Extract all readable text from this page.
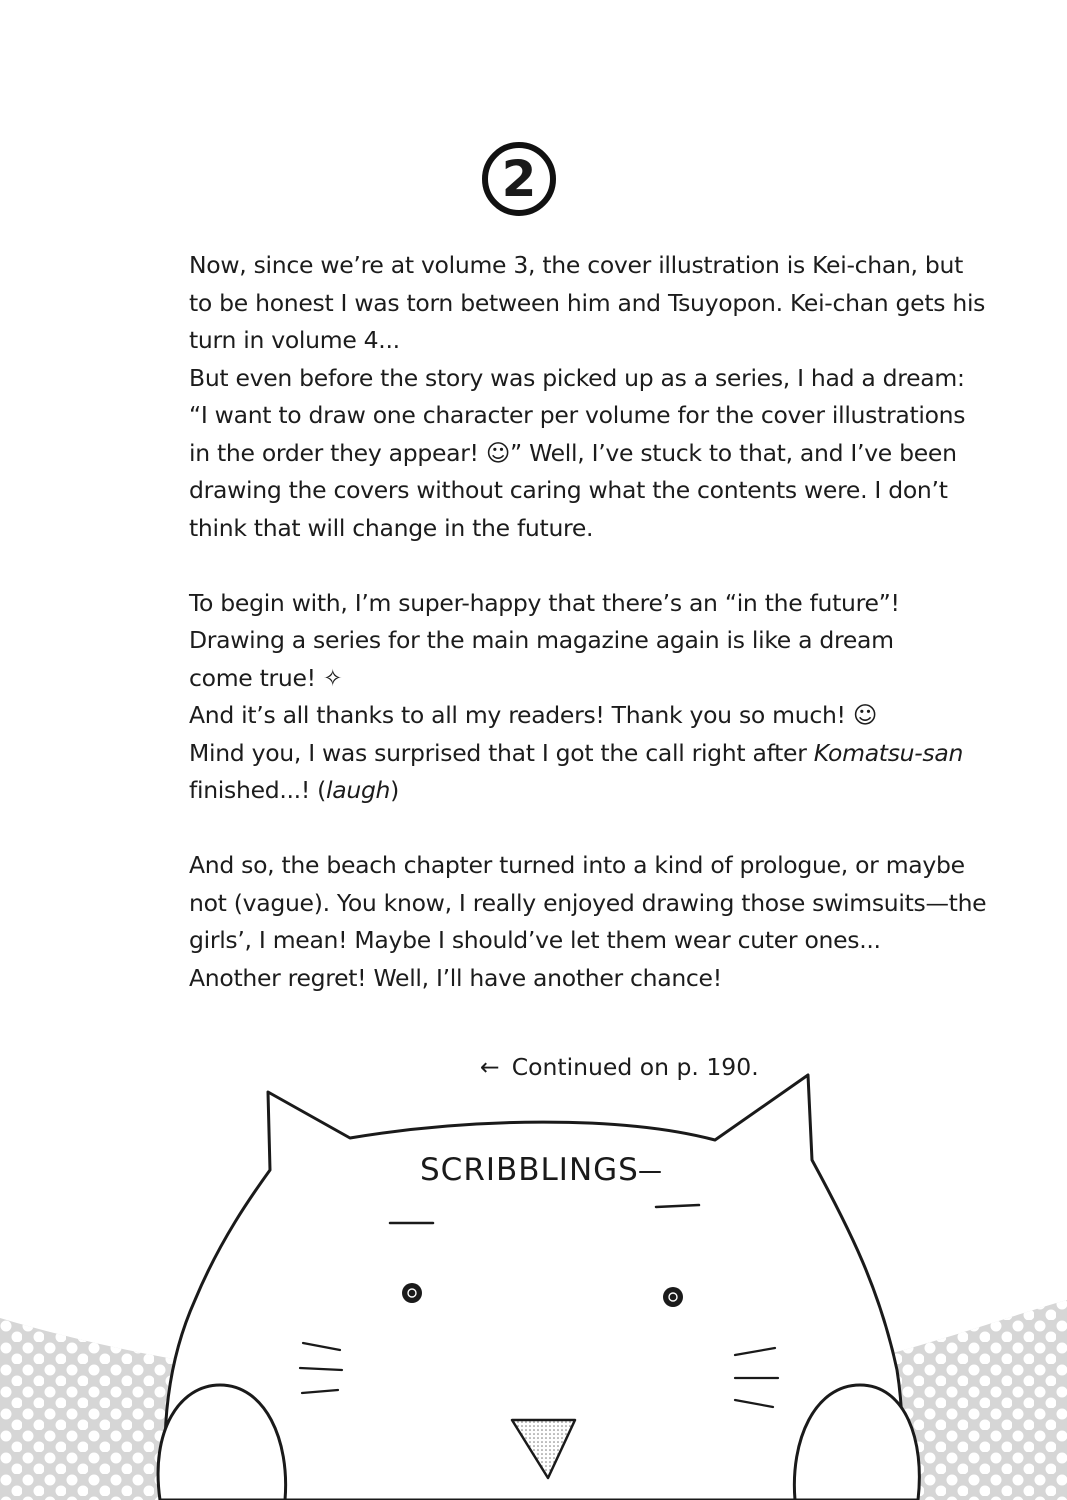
2

Now, since we’re at volume 3, the cover illustration is Kei-chan, but

to be honest I was torn between him and Tsuyopon. Kei-chan gets his

turn in volume 4...

But even before the story was picked up as a series, I had a dream:

“I want to draw one character per volume for the cover illustrations

in the order they appear! ☺” Well, I’ve stuck to that, and I’ve been

drawing the covers without caring what the contents were. I don’t

think that will change in the future.

To begin with, I’m super-happy that there’s an “in the future”!

Drawing a series for the main magazine again is like a dream

come true! ✧

And it’s all thanks to all my readers! Thank you so much! ☺

Mind you, I was surprised that I got the call right after Komatsu-san

finished...! (laugh)

And so, the beach chapter turned into a kind of prologue, or maybe

not (vague). You know, I really enjoyed drawing those swimsuits—the

girls’, I mean! Maybe I should’ve let them wear cuter ones...

Another regret! Well, I’ll have another chance!

← Continued on p. 190.
SCRIBBLINGS
